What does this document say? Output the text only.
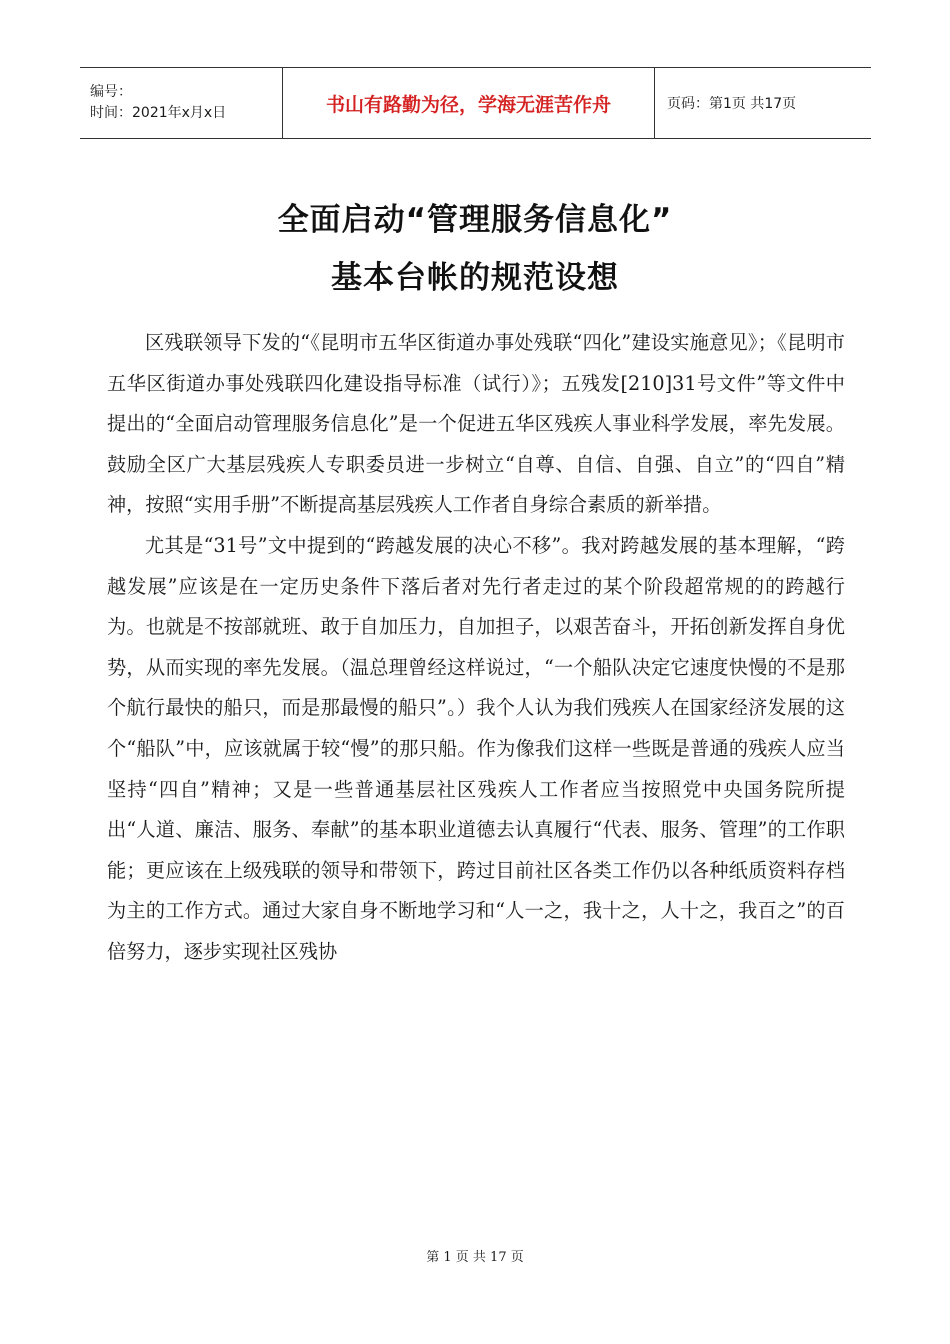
编号：
时间：2021年x月x日	书山有路勤为径，学海无涯苦作舟	页码：第1页 共17页
全面启动“管理服务信息化”
基本台帐的规范设想

区残联领导下发的“《昆明市五华区街道办事处残联“四化”建设实施意见》；《昆明市五华区街道办事处残联四化建设指导标准（试行）》；五残发[210]31号文件”等文件中提出的“全面启动管理服务信息化”是一个促进五华区残疾人事业科学发展，率先发展。鼓励全区广大基层残疾人专职委员进一步树立“自尊、自信、自强、自立”的“四自”精神，按照“实用手册”不断提高基层残疾人工作者自身综合素质的新举措。

尤其是“31号”文中提到的“跨越发展的决心不移”。我对跨越发展的基本理解，“跨越发展”应该是在一定历史条件下落后者对先行者走过的某个阶段超常规的的跨越行为。也就是不按部就班、敢于自加压力，自加担子，以艰苦奋斗，开拓创新发挥自身优势，从而实现的率先发展。（温总理曾经这样说过，“一个船队决定它速度快慢的不是那个航行最快的船只，而是那最慢的船只”。）我个人认为我们残疾人在国家经济发展的这个“船队”中，应该就属于较“慢”的那只船。作为像我们这样一些既是普通的残疾人应当坚持“四自”精神；又是一些普通基层社区残疾人工作者应当按照党中央国务院所提出“人道、廉洁、服务、奉献”的基本职业道德去认真履行“代表、服务、管理”的工作职能；更应该在上级残联的领导和带领下，跨过目前社区各类工作仍以各种纸质资料存档为主的工作方式。通过大家自身不断地学习和“人一之，我十之，人十之，我百之”的百倍努力，逐步实现社区残协

第 1 页 共 17 页
